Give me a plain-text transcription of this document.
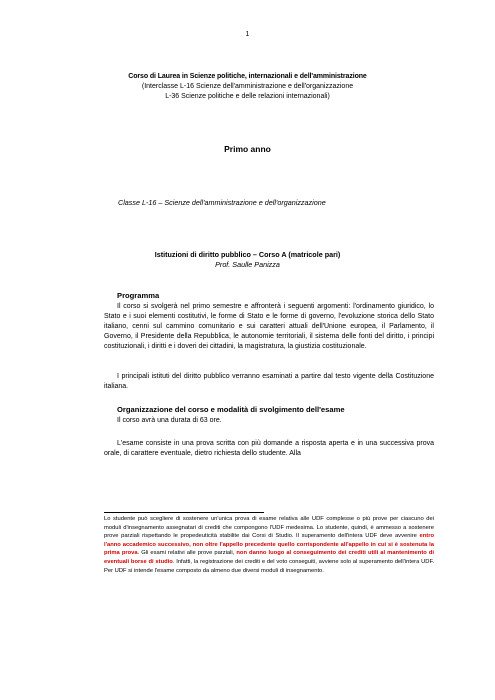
1
Corso di Laurea in Scienze politiche, internazionali e dell'amministrazione
(Interclasse L-16 Scienze dell'amministrazione e dell'organizzazione
L-36 Scienze politiche e delle relazioni internazionali)
Primo anno
Classe L-16 – Scienze dell'amministrazione e dell'organizzazione
Istituzioni di diritto pubblico – Corso A (matricole pari)
Prof. Saulle Panizza
Programma
Il corso si svolgerà nel primo semestre e affronterà i seguenti argomenti: l'ordinamento giuridico, lo Stato e i suoi elementi costitutivi, le forme di Stato e le forme di governo, l'evoluzione storica dello Stato italiano, cenni sul cammino comunitario e sui caratteri attuali dell'Unione europea, il Parlamento, il Governo, il Presidente della Repubblica, le autonomie territoriali, il sistema delle fonti del diritto, i principi costituzionali, i diritti e i doveri dei cittadini, la magistratura, la giustizia costituzionale.
I principali istituti del diritto pubblico verranno esaminati a partire dal testo vigente della Costituzione italiana.
Organizzazione del corso e modalità di svolgimento dell'esame
Il corso avrà una durata di 63 ore.
L'esame consiste in una prova scritta con più domande a risposta aperta e in una successiva prova orale, di carattere eventuale, dietro richiesta dello studente. Alla
Lo studente può scegliere di sostenere un'unica prova di esame relativa alle UDF complesse o più prove per ciascuno dei moduli d'insegnamento assegnatari di crediti che compongono l'UDF medesima. Lo studente, quindi, è ammesso a sostenere prove parziali rispettando le propedeuticità stabilite dai Corsi di Studio. Il superamento dell'intera UDF deve avvenire entro l'anno accademico successivo, non oltre l'appello precedente quello corrispondente all'appello in cui si è sostenuta la prima prova. Gli esami relativi alle prove parziali, non danno luogo al conseguimento dei crediti utili al mantenimento di eventuali borse di studio. Infatti, la registrazione dei crediti e del voto conseguiti, avviene solo al superamento dell'intera UDF. Per UDF si intende l'esame composto da almeno due diversi moduli di insegnamento.
